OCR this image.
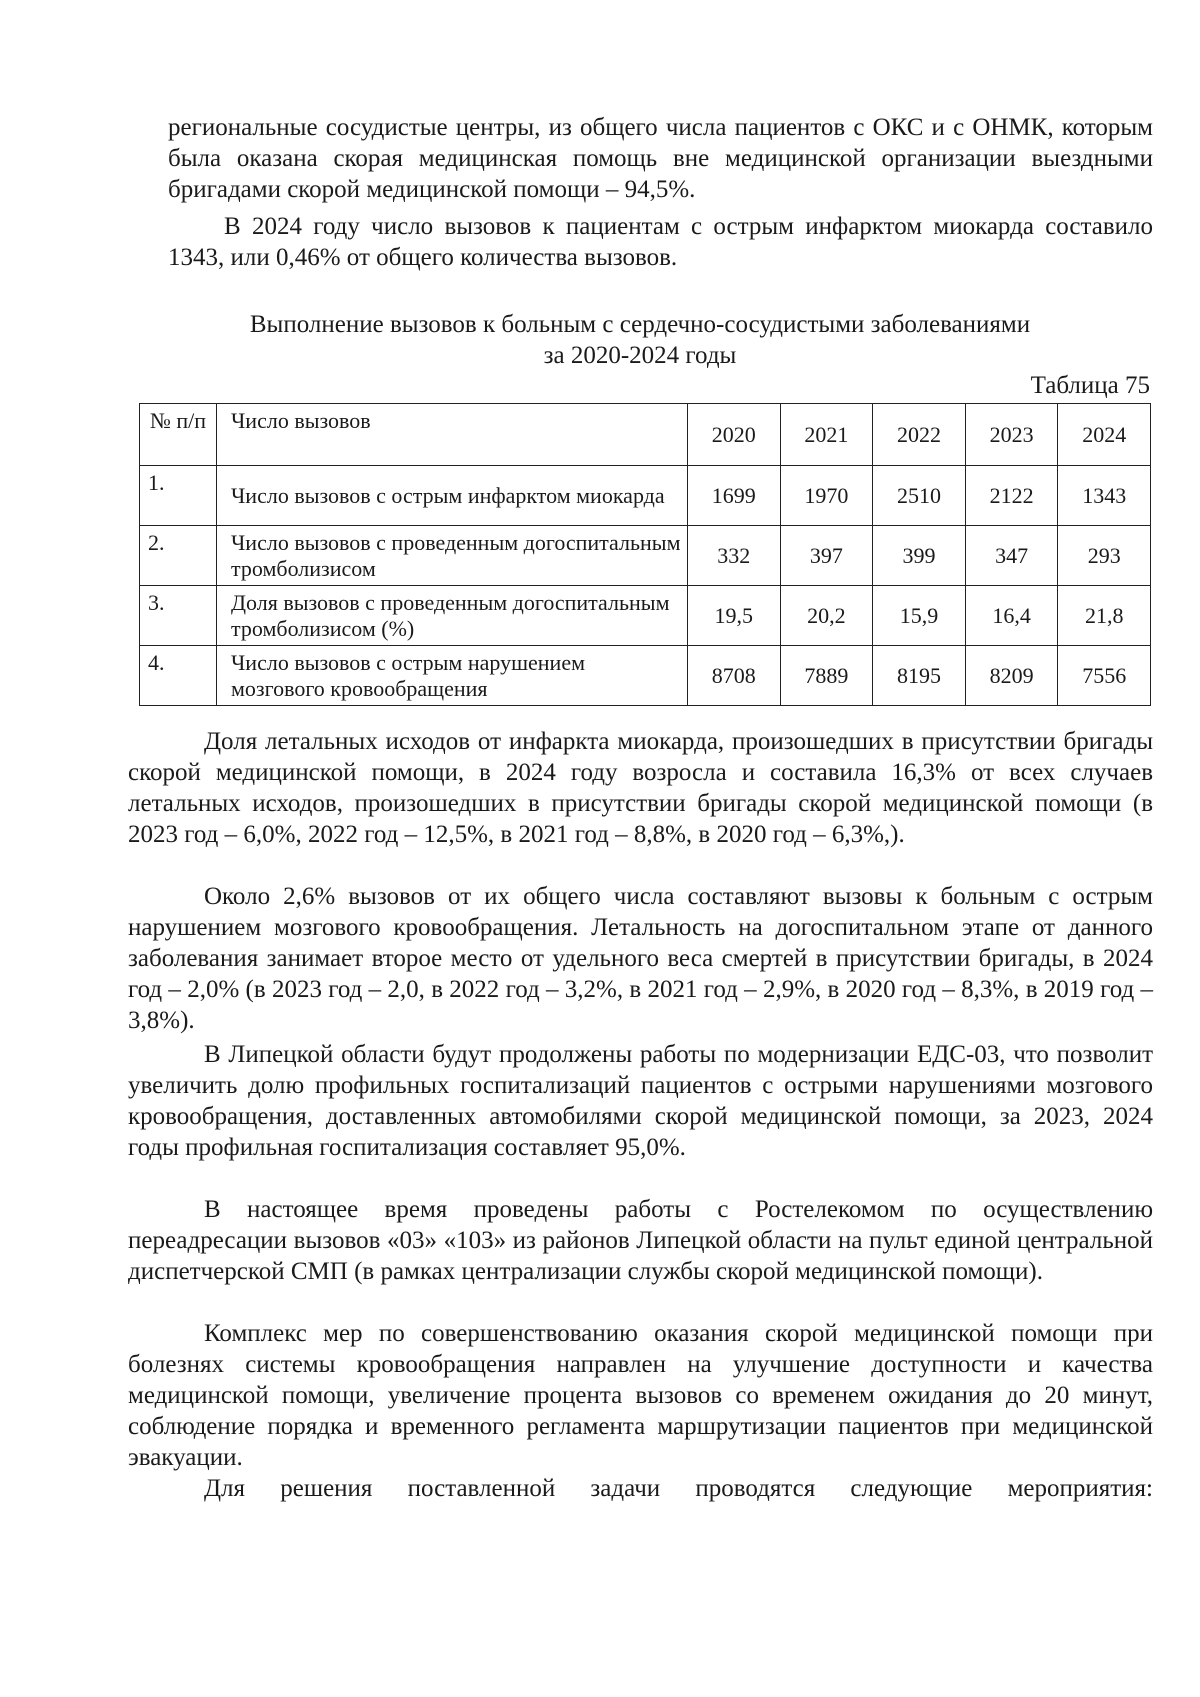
региональные сосудистые центры, из общего числа пациентов с ОКС и с ОНМК, которым была оказана скорая медицинская помощь вне медицинской организации выездными бригадами скорой медицинской помощи – 94,5%.

В 2024 году число вызовов к пациентам с острым инфарктом миокарда составило 1343, или 0,46% от общего количества вызовов.

Выполнение вызовов к больным с сердечно-сосудистыми заболеваниями
за 2020-2024 годы
Таблица 75
№ п/п	Число вызовов	2020	2021	2022	2023	2024
1.	Число вызовов с острым инфарктом миокарда	1699	1970	2510	2122	1343
2.	Число вызовов с проведенным догоспитальным тромболизисом	332	397	399	347	293
3.	Доля вызовов с проведенным догоспитальным тромболизисом (%)	19,5	20,2	15,9	16,4	21,8
4.	Число вызовов с острым нарушением мозгового кровообращения	8708	7889	8195	8209	7556

Доля летальных исходов от инфаркта миокарда, произошедших в присутствии бригады скорой медицинской помощи, в 2024 году возросла и составила 16,3% от всех случаев летальных исходов, произошедших в присутствии бригады скорой медицинской помощи (в 2023 год – 6,0%, 2022 год – 12,5%, в 2021 год – 8,8%, в 2020 год – 6,3%,).

Около 2,6% вызовов от их общего числа составляют вызовы к больным с острым нарушением мозгового кровообращения. Летальность на догоспитальном этапе от данного заболевания занимает второе место от удельного веса смертей в присутствии бригады, в 2024 год – 2,0% (в 2023 год – 2,0, в 2022 год – 3,2%, в 2021 год – 2,9%, в 2020 год – 8,3%, в 2019 год – 3,8%).

В Липецкой области будут продолжены работы по модернизации ЕДС-03, что позволит увеличить долю профильных госпитализаций пациентов с острыми нарушениями мозгового кровообращения, доставленных автомобилями скорой медицинской помощи, за 2023, 2024 годы профильная госпитализация составляет 95,0%.

В настоящее время проведены работы с Ростелекомом по осуществлению переадресации вызовов «03» «103» из районов Липецкой области на пульт единой центральной диспетчерской СМП (в рамках централизации службы скорой медицинской помощи).

Комплекс мер по совершенствованию оказания скорой медицинской помощи при болезнях системы кровообращения направлен на улучшение доступности и качества медицинской помощи, увеличение процента вызовов со временем ожидания до 20 минут, соблюдение порядка и временного регламента маршрутизации пациентов при медицинской эвакуации.

Для решения поставленной задачи проводятся следующие мероприятия:
